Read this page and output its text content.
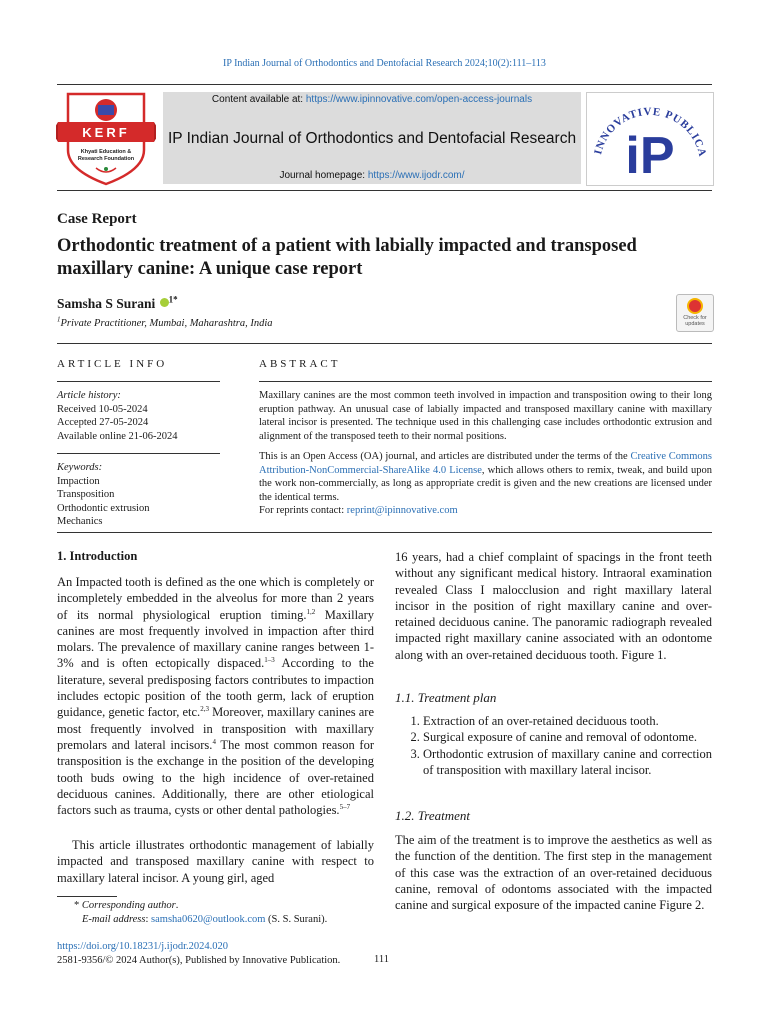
IP Indian Journal of Orthodontics and Dentofacial Research 2024;10(2):111–113
KERF
Khyati Education &
Research Foundation
Content available at: https://www.ipinnovative.com/open-access-journals
IP Indian Journal of Orthodontics and Dentofacial Research
Journal homepage: https://www.ijodr.com/
INNOVATIVE PUBLICA
iP
Case Report
Orthodontic treatment of a patient with labially impacted and transposed maxillary canine: A unique case report
Samsha S Surani $^{1*}$
$^1$Private Practitioner, Mumbai, Maharashtra, India	Check for updates
ARTICLE INFO
Article history:
Received 10-05-2024
Accepted 27-05-2024
Available online 21-06-2024
Keywords:
Impaction
Transposition
Orthodontic extrusion
Mechanics
ABSTRACT
Maxillary canines are the most common teeth involved in impaction and transposition owing to their long eruption pathway. An unusual case of labially impacted and transposed maxillary canine with maxillary lateral incisor is presented. The technique used in this challenging case includes orthodontic extrusion and alignment of the transposed teeth to their normal positions.
This is an Open Access (OA) journal, and articles are distributed under the terms of the Creative Commons Attribution-NonCommercial-ShareAlike 4.0 License, which allows others to remix, tweak, and build upon the work non-commercially, as long as appropriate credit is given and the new creations are licensed under the identical terms.
For reprints contact: reprint@ipinnovative.com
1. Introduction
An Impacted tooth is defined as the one which is completely or incompletely embedded in the alveolus for more than 2 years of its normal physiological eruption timing.$^{1,2}$ Maxillary canines are most frequently involved in impaction after third molars. The prevalence of maxillary canine ranges between 1-3% and is often ectopically dispaced.$^{1-3}$ According to the literature, several predisposing factors contributes to impaction includes ectopic position of the tooth germ, lack of eruption guidance, genetic factor, etc.$^{2,3}$ Moreover, maxillary canines are most frequently involved in transposition with maxillary premolars and lateral incisors.$^4$ The most common reason for transposition is the exchange in the position of the developing tooth buds owing to the high incidence of over-retained deciduous canines. Additionally, there are other etiological factors such as trauma, cysts or other dental pathologies.$^{5-7}$
This article illustrates orthodontic management of labially impacted and transposed maxillary canine with respect to maxillary lateral incisor. A young girl, aged
* Corresponding author.
E-mail address: samsha0620@outlook.com (S. S. Surani).
16 years, had a chief complaint of spacings in the front teeth without any significant medical history. Intraoral examination revealed Class I malocclusion and right maxillary lateral incisor in the position of right maxillary canine and over-retained deciduous canine. The panoramic radiograph revealed impacted right maxillary canine associated with an odontome along with an over-retained deciduous tooth. Figure 1.
1.1. Treatment plan
1. Extraction of an over-retained deciduous tooth.
2. Surgical exposure of canine and removal of odontome.
3. Orthodontic extrusion of maxillary canine and correction of transposition with maxillary lateral incisor.
1.2. Treatment
The aim of the treatment is to improve the aesthetics as well as the function of the dentition. The first step in the management of this case was the extraction of an over-retained deciduous canine, removal of odontoms associated with the impacted canine and surgical exposure of the impacted canine Figure 2.
https://doi.org/10.18231/j.ijodr.2024.020
2581-9356/© 2024 Author(s), Published by Innovative Publication.	111
